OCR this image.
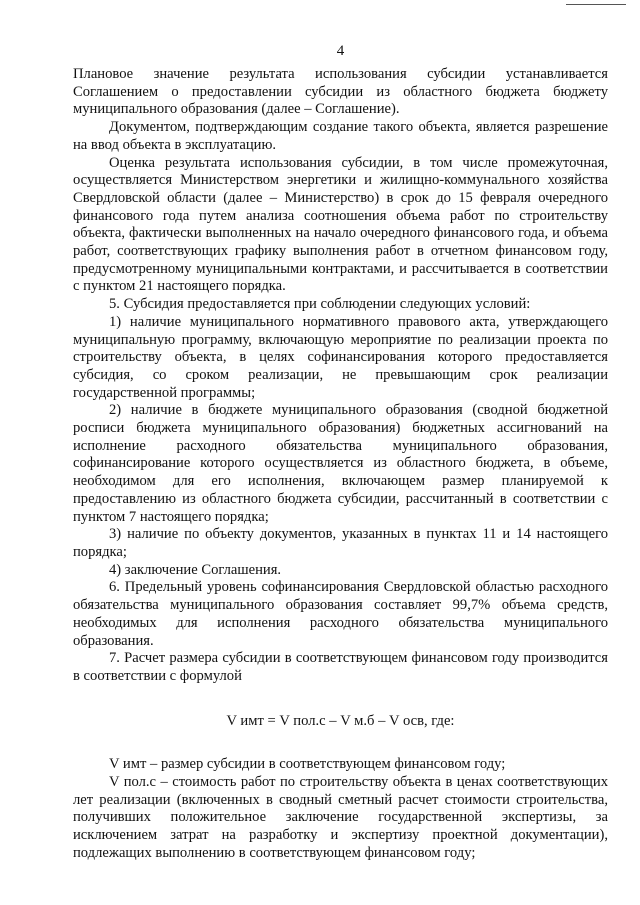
4

Плановое значение результата использования субсидии устанавливается Соглашением о предоставлении субсидии из областного бюджета бюджету муниципального образования (далее – Соглашение).

Документом, подтверждающим создание такого объекта, является разрешение на ввод объекта в эксплуатацию.

Оценка результата использования субсидии, в том числе промежуточная, осуществляется Министерством энергетики и жилищно-коммунального хозяйства Свердловской области (далее – Министерство) в срок до 15 февраля очередного финансового года путем анализа соотношения объема работ по строительству объекта, фактически выполненных на начало очередного финансового года, и объема работ, соответствующих графику выполнения работ в отчетном финансовом году, предусмотренному муниципальными контрактами, и рассчитывается в соответствии с пунктом 21 настоящего порядка.

5. Субсидия предоставляется при соблюдении следующих условий:

1) наличие муниципального нормативного правового акта, утверждающего муниципальную программу, включающую мероприятие по реализации проекта по строительству объекта, в целях софинансирования которого предоставляется субсидия, со сроком реализации, не превышающим срок реализации государственной программы;

2) наличие в бюджете муниципального образования (сводной бюджетной росписи бюджета муниципального образования) бюджетных ассигнований на исполнение расходного обязательства муниципального образования, софинансирование которого осуществляется из областного бюджета, в объеме, необходимом для его исполнения, включающем размер планируемой к предоставлению из областного бюджета субсидии, рассчитанный в соответствии с пунктом 7 настоящего порядка;

3) наличие по объекту документов, указанных в пунктах 11 и 14 настоящего порядка;

4) заключение Соглашения.

6. Предельный уровень софинансирования Свердловской областью расходного обязательства муниципального образования составляет 99,7% объема средств, необходимых для исполнения расходного обязательства муниципального образования.

7. Расчет размера субсидии в соответствующем финансовом году производится в соответствии с формулой

V имт = V пол.с – V м.б – V осв, где:

V имт – размер субсидии в соответствующем финансовом году;

V пол.с – стоимость работ по строительству объекта в ценах соответствующих лет реализации (включенных в сводный сметный расчет стоимости строительства, получивших положительное заключение государственной экспертизы, за исключением затрат на разработку и экспертизу проектной документации), подлежащих выполнению в соответствующем финансовом году;
